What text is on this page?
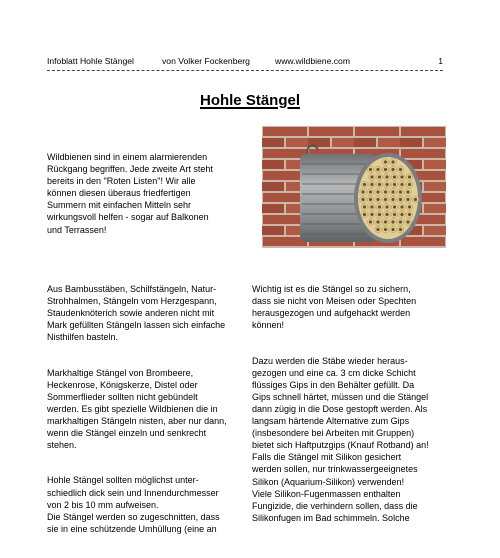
Infoblatt Hohle Stängel	von Volker Fockenberg	www.wildbiene.com	1
Hohle Stängel
Wildbienen sind in einem alarmierenden
Rückgang begriffen. Jede zweite Art steht
bereits in den "Roten Listen"! Wir alle
können diesen überaus friedfertigen
Summern mit einfachen Mitteln sehr
wirkungsvoll helfen - sogar auf Balkonen
und Terrassen!

Aus Bambusstäben, Schilfstängeln, Natur-
Strohhalmen, Stängeln vom Herzgespann,
Staudenknöterich sowie anderen nicht mit
Mark gefüllten Stängeln lassen sich einfache
Nisthilfen basteln.

Markhaltige Stängel von Brombeere,
Heckenrose, Königskerze, Distel oder
Sommerflieder sollten nicht gebündelt
werden. Es gibt spezielle Wildbienen die in
markhaltigen Stängeln nisten, aber nur dann,
wenn die Stängel einzeln und senkrecht
stehen.

Hohle Stängel sollten möglichst unter-
schiedlich dick sein und Innendurchmesser
von 2 bis 10 mm aufweisen.
Die Stängel werden so zugeschnitten, dass
sie in eine schützende Umhüllung (eine an

Wichtig ist es die Stängel so zu sichern,
dass sie nicht von Meisen oder Spechten
herausgezogen und aufgehackt werden
können!

Dazu werden die Stäbe wieder heraus-
gezogen und eine ca. 3 cm dicke Schicht
flüssiges Gips in den Behälter gefüllt. Da
Gips schnell härtet, müssen und die Stängel
dann zügig in die Dose gestopft werden. Als
langsam härtende Alternative zum Gips
(insbesondere bei Arbeiten mit Gruppen)
bietet sich Haftputzgips (Knauf Rotband) an!
Falls die Stängel mit Silikon gesichert
werden sollen, nur trinkwassergeeignetes
Silikon (Aquarium-Silikon) verwenden!
Viele Silikon-Fugenmassen enthalten
Fungizide, die verhindern sollen, dass die
Silikonfugen im Bad schimmeln. Solche
